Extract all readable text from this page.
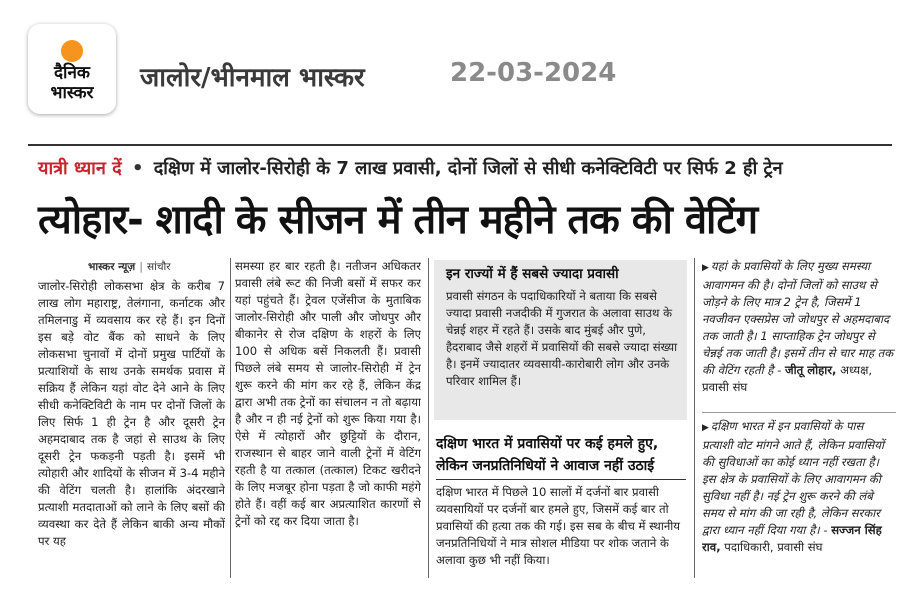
दैनिक
भास्कर	जालोर/भीनमाल भास्कर	22-03-2024
यात्री ध्यान दें • दक्षिण में जालोर-सिरोही के 7 लाख प्रवासी, दोनों जिलों से सीधी कनेक्टिविटी पर सिर्फ 2 ही ट्रेन
त्योहार- शादी के सीजन में तीन महीने तक की वेटिंग
भास्कर न्यूज़ | सांचौर
जालोर-सिरोही लोकसभा क्षेत्र के करीब 7 लाख लोग महाराष्ट्र, तेलंगाना, कर्नाटक और तमिलनाडु में व्यवसाय कर रहे हैं। इन दिनों इस बड़े वोट बैंक को साधने के लिए लोकसभा चुनावों में दोनों प्रमुख पार्टियों के प्रत्याशियों के साथ उनके समर्थक प्रवास में सक्रिय हैं लेकिन यहां वोट देने आने के लिए सीधी कनेक्टिविटी के नाम पर दोनों जिलों के लिए सिर्फ 1 ही ट्रेन है और दूसरी ट्रेन अहमदाबाद तक है जहां से साउथ के लिए दूसरी ट्रेन फकड़नी पड़ती है। इसमें भी त्योहारी और शादियों के सीजन में 3-4 महीने की वेटिंग चलती है। हालांकि अंदरखाने प्रत्याशी मतदाताओं को लाने के लिए बसों की व्यवस्था कर देते हैं लेकिन बाकी अन्य मौकों पर यह
समस्या हर बार रहती है। नतीजन अधिकतर प्रवासी लंबे रूट की निजी बसों में सफर कर यहां पहुंचते हैं। ट्रेवल एजेंसीज के मुताबिक जालोर-सिरोही और पाली और जोधपुर और बीकानेर से रोज दक्षिण के शहरों के लिए 100 से अधिक बसें निकलती हैं। प्रवासी पिछले लंबे समय से जालोर-सिरोही में ट्रेन शुरू करने की मांग कर रहे हैं, लेकिन केंद्र द्वारा अभी तक ट्रेनों का संचालन न तो बढ़ाया है और न ही नई ट्रेनों को शुरू किया गया है। ऐसे में त्योहारों और छुट्टियों के दौरान, राजस्थान से बाहर जाने वाली ट्रेनों में वेटिंग रहती है या तत्काल (तत्काल) टिकट खरीदने के लिए मजबूर होना पड़ता है जो काफी महंगे होते हैं। वहीं कई बार अप्रत्याशित कारणों से ट्रेनों को रद्द कर दिया जाता है।
इन राज्यों में हैं सबसे ज्यादा प्रवासी
प्रवासी संगठन के पदाधिकारियों ने बताया कि सबसे ज्यादा प्रवासी नजदीकी में गुजरात के अलावा साउथ के चेन्नई शहर में रहते हैं। उसके बाद मुंबई और पुणे, हैदराबाद जैसे शहरों में प्रवासियों की सबसे ज्यादा संख्या है। इनमें ज्यादातर व्यवसायी-कारोबारी लोग और उनके परिवार शामिल हैं।
दक्षिण भारत में प्रवासियों पर कई हमले हुए,
लेकिन जनप्रतिनिधियों ने आवाज नहीं उठाई
दक्षिण भारत में पिछले 10 सालों में दर्जनों बार प्रवासी व्यवसायियों पर दर्जनों बार हमले हुए, जिसमें कई बार तो प्रवासियों की हत्या तक की गई। इस सब के बीच में स्थानीय जनप्रतिनिधियों ने मात्र सोशल मीडिया पर शोक जताने के अलावा कुछ भी नहीं किया।
▶ यहां के प्रवासियों के लिए मुख्य समस्या आवागमन की है। दोनों जिलों को साउथ से जोड़ने के लिए मात्र 2 ट्रेन है, जिसमें 1 नवजीवन एक्सप्रेस जो जोधपुर से अहमदाबाद तक जाती है। 1 साप्ताहिक ट्रेन जोधपुर से चेन्नई तक जाती है। इसमें तीन से चार माह तक की वेटिंग रहती है - जीतू लोहार, अध्यक्ष, प्रवासी संघ
▶ दक्षिण भारत में इन प्रवासियों के पास प्रत्याशी वोट मांगने आते हैं, लेकिन प्रवासियों की सुविधाओं का कोई ध्यान नहीं रखता है। इस क्षेत्र के प्रवासियों के लिए आवागमन की सुविधा नहीं है। नई ट्रेन शुरू करने की लंबे समय से मांग की जा रही है, लेकिन सरकार द्वारा ध्यान नहीं दिया गया है। - सज्जन सिंह राव, पदाधिकारी, प्रवासी संघ
